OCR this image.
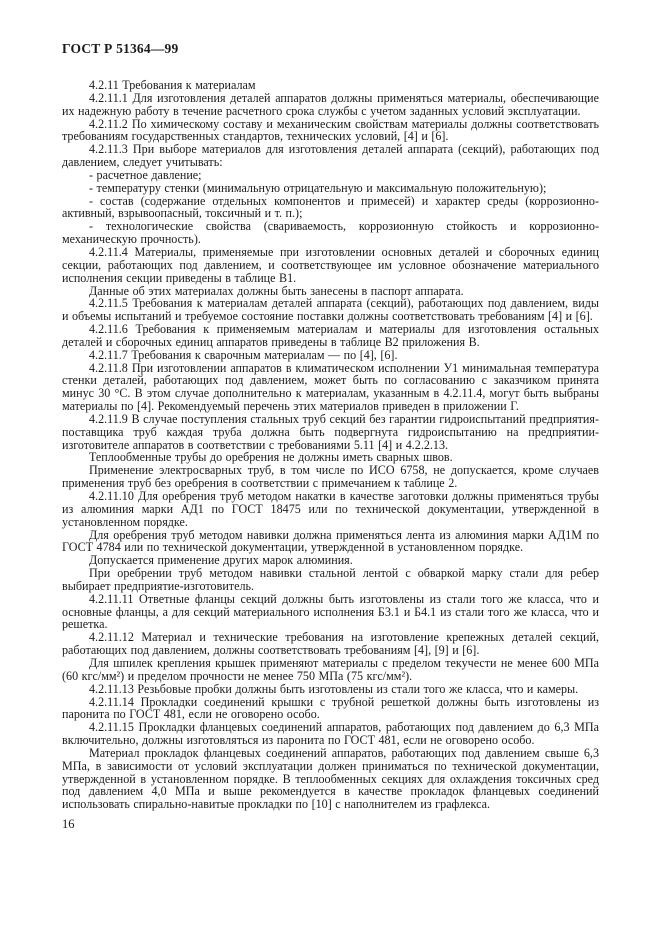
ГОСТ Р 51364—99

4.2.11 Требования к материалам

4.2.11.1 Для изготовления деталей аппаратов должны применяться материалы, обеспечивающие их надежную работу в течение расчетного срока службы с учетом заданных условий эксплуатации.

4.2.11.2 По химическому составу и механическим свойствам материалы должны соответствовать требованиям государственных стандартов, технических условий, [4] и [6].

4.2.11.3 При выборе материалов для изготовления деталей аппарата (секций), работающих под давлением, следует учитывать:

- расчетное давление;

- температуру стенки (минимальную отрицательную и максимальную положительную);

- состав (содержание отдельных компонентов и примесей) и характер среды (коррозионно-активный, взрывоопасный, токсичный и т. п.);

- технологические свойства (свариваемость, коррозионную стойкость и коррозионно-механическую прочность).

4.2.11.4 Материалы, применяемые при изготовлении основных деталей и сборочных единиц секции, работающих под давлением, и соответствующее им условное обозначение материального исполнения секции приведены в таблице В1.

Данные об этих материалах должны быть занесены в паспорт аппарата.

4.2.11.5 Требования к материалам деталей аппарата (секций), работающих под давлением, виды и объемы испытаний и требуемое состояние поставки должны соответствовать требованиям [4] и [6].

4.2.11.6 Требования к применяемым материалам и материалы для изготовления остальных деталей и сборочных единиц аппаратов приведены в таблице В2 приложения В.

4.2.11.7 Требования к сварочным материалам — по [4], [6].

4.2.11.8 При изготовлении аппаратов в климатическом исполнении У1 минимальная температура стенки деталей, работающих под давлением, может быть по согласованию с заказчиком принята минус 30 °С. В этом случае дополнительно к материалам, указанным в 4.2.11.4, могут быть выбраны материалы по [4]. Рекомендуемый перечень этих материалов приведен в приложении Г.

4.2.11.9 В случае поступления стальных труб секций без гарантии гидроиспытаний предприятия-поставщика труб каждая труба должна быть подвергнута гидроиспытанию на предприятии-изготовителе аппаратов в соответствии с требованиями 5.11 [4] и 4.2.2.13.

Теплообменные трубы до оребрения не должны иметь сварных швов.

Применение электросварных труб, в том числе по ИСО 6758, не допускается, кроме случаев применения труб без оребрения в соответствии с примечанием к таблице 2.

4.2.11.10 Для оребрения труб методом накатки в качестве заготовки должны применяться трубы из алюминия марки АД1 по ГОСТ 18475 или по технической документации, утвержденной в установленном порядке.

Для оребрения труб методом навивки должна применяться лента из алюминия марки АД1М по ГОСТ 4784 или по технической документации, утвержденной в установленном порядке.

Допускается применение других марок алюминия.

При оребрении труб методом навивки стальной лентой с обваркой марку стали для ребер выбирает предприятие-изготовитель.

4.2.11.11 Ответные фланцы секций должны быть изготовлены из стали того же класса, что и основные фланцы, а для секций материального исполнения Б3.1 и Б4.1 из стали того же класса, что и решетка.

4.2.11.12 Материал и технические требования на изготовление крепежных деталей секций, работающих под давлением, должны соответствовать требованиям [4], [9] и [6].

Для шпилек крепления крышек применяют материалы с пределом текучести не менее 600 МПа (60 кгс/мм²) и пределом прочности не менее 750 МПа (75 кгс/мм²).

4.2.11.13 Резьбовые пробки должны быть изготовлены из стали того же класса, что и камеры.

4.2.11.14 Прокладки соединений крышки с трубной решеткой должны быть изготовлены из паронита по ГОСТ 481, если не оговорено особо.

4.2.11.15 Прокладки фланцевых соединений аппаратов, работающих под давлением до 6,3 МПа включительно, должны изготовляться из паронита по ГОСТ 481, если не оговорено особо.

Материал прокладок фланцевых соединений аппаратов, работающих под давлением свыше 6,3 МПа, в зависимости от условий эксплуатации должен приниматься по технической документации, утвержденной в установленном порядке. В теплообменных секциях для охлаждения токсичных сред под давлением 4,0 МПа и выше рекомендуется в качестве прокладок фланцевых соединений использовать спирально-навитые прокладки по [10] с наполнителем из графлекса.

16
